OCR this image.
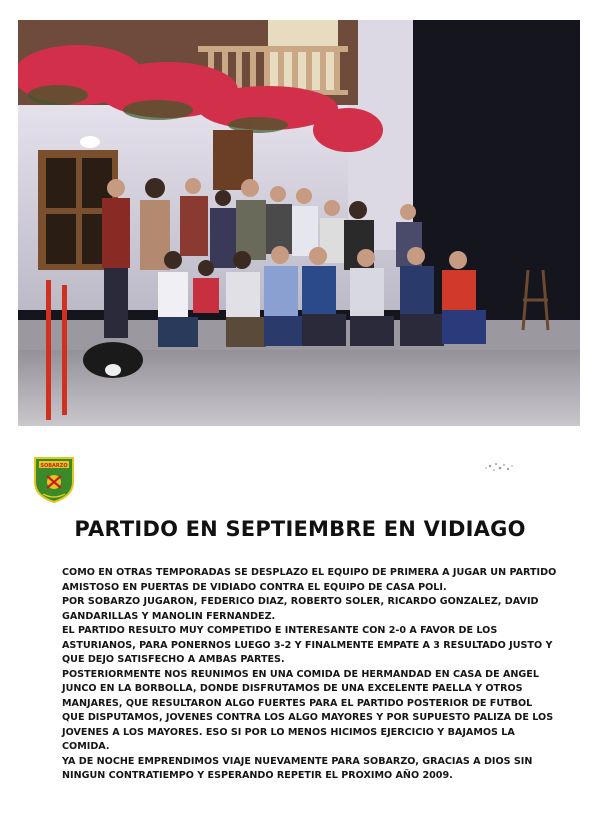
SOBARZO
PARTIDO EN SEPTIEMBRE EN VIDIAGO

COMO EN OTRAS TEMPORADAS SE DESPLAZO EL EQUIPO DE PRIMERA A JUGAR UN PARTIDO

AMISTOSO EN PUERTAS DE VIDIADO CONTRA EL EQUIPO DE CASA POLI.

POR SOBARZO JUGARON, FEDERICO DIAZ, ROBERTO SOLER, RICARDO GONZALEZ, DAVID

GANDARILLAS Y MANOLIN FERNANDEZ.

EL PARTIDO RESULTO MUY COMPETIDO E INTERESANTE CON 2-0 A FAVOR DE LOS

ASTURIANOS, PARA PONERNOS LUEGO 3-2 Y FINALMENTE EMPATE A 3 RESULTADO JUSTO Y

QUE DEJO SATISFECHO A AMBAS PARTES.

POSTERIORMENTE NOS REUNIMOS EN UNA COMIDA DE HERMANDAD EN CASA DE ANGEL

JUNCO EN LA BORBOLLA, DONDE DISFRUTAMOS DE UNA EXCELENTE PAELLA Y OTROS

MANJARES, QUE RESULTARON ALGO FUERTES PARA EL PARTIDO POSTERIOR DE FUTBOL

QUE DISPUTAMOS, JOVENES CONTRA LOS ALGO MAYORES Y POR SUPUESTO PALIZA DE LOS

JOVENES A LOS MAYORES. ESO SI POR LO MENOS HICIMOS EJERCICIO Y BAJAMOS LA

COMIDA.

YA DE NOCHE EMPRENDIMOS VIAJE NUEVAMENTE PARA SOBARZO, GRACIAS A DIOS SIN

NINGUN CONTRATIEMPO Y ESPERANDO REPETIR EL PROXIMO AÑO 2009.
